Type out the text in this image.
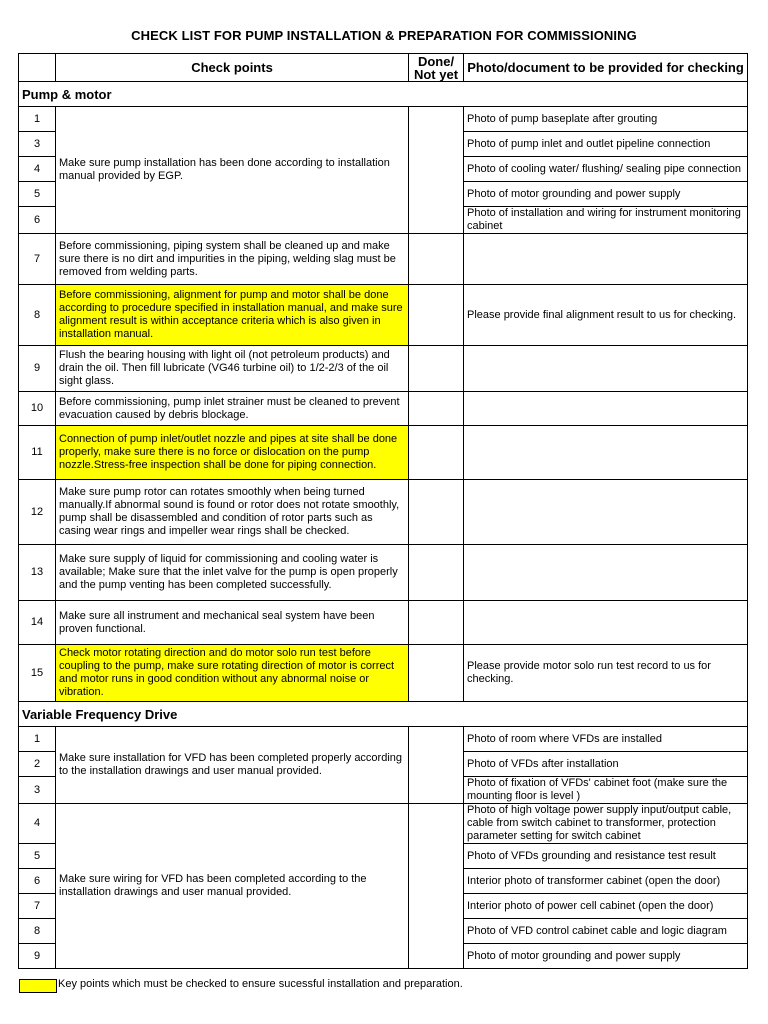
CHECK LIST FOR PUMP INSTALLATION & PREPARATION FOR COMMISSIONING
	Check points	Done/
Not yet	Photo/document to be provided for checking
Pump & motor			
1	Make sure pump installation has been done according to installation manual provided by EGP.		Photo of pump baseplate after grouting
3			Photo of pump inlet and outlet pipeline connection
4			Photo of cooling water/ flushing/ sealing pipe connection
5			Photo of motor grounding and power supply
6			Photo of installation and wiring for instrument monitoring cabinet
7	Before commissioning, piping system shall be cleaned up and make sure there is no dirt and impurities in the piping, welding slag must be removed from welding parts.		
8	Before commissioning, alignment for pump and motor shall be done according to procedure specified in installation manual, and make sure alignment result is within acceptance criteria which is also given in installation manual.		Please provide final alignment result to us for checking.
9	Flush the bearing housing with light oil (not petroleum products) and drain the oil. Then fill lubricate (VG46 turbine oil) to 1/2-2/3 of the oil sight glass.		
10	Before commissioning, pump inlet strainer must be cleaned to prevent evacuation caused by debris blockage.		
11	Connection of pump inlet/outlet nozzle and pipes at site shall be done properly, make sure there is no force or dislocation on the pump nozzle.Stress-free inspection shall be done for piping connection.		
12	Make sure pump rotor can rotates smoothly when being turned manually.If abnormal sound is found or rotor does not rotate smoothly, pump shall be disassembled and condition of rotor parts such as casing wear rings and impeller wear rings shall be checked.		
13	Make sure supply of liquid for commissioning and cooling water is available; Make sure that the inlet valve for the pump is open properly and the pump venting has been completed successfully.		
14	Make sure all instrument and mechanical seal system have been proven functional.		
15	Check motor rotating direction and do motor solo run test before coupling to the pump, make sure rotating direction of motor is correct and motor runs in good condition without any abnormal noise or vibration.		Please provide motor solo run test record to us for checking.
Variable Frequency Drive			
1	Make sure installation for VFD has been completed properly according to the installation drawings and user manual provided.		Photo of room where VFDs are installed
2			Photo of VFDs after installation
3			Photo of fixation of VFDs' cabinet foot (make sure the mounting floor is level )
4	Make sure wiring for VFD has been completed according to the installation drawings and user manual provided.		Photo of high voltage power supply input/output cable, cable from switch cabinet to transformer, protection parameter setting for switch cabinet
5			Photo of VFDs grounding and resistance test result
6			Interior photo of transformer cabinet (open the door)
7			Interior photo of power cell cabinet (open the door)
8			Photo of VFD control cabinet cable and logic diagram
9			Photo of motor grounding and power supply
Key points which must be checked to ensure sucessful installation and preparation.
